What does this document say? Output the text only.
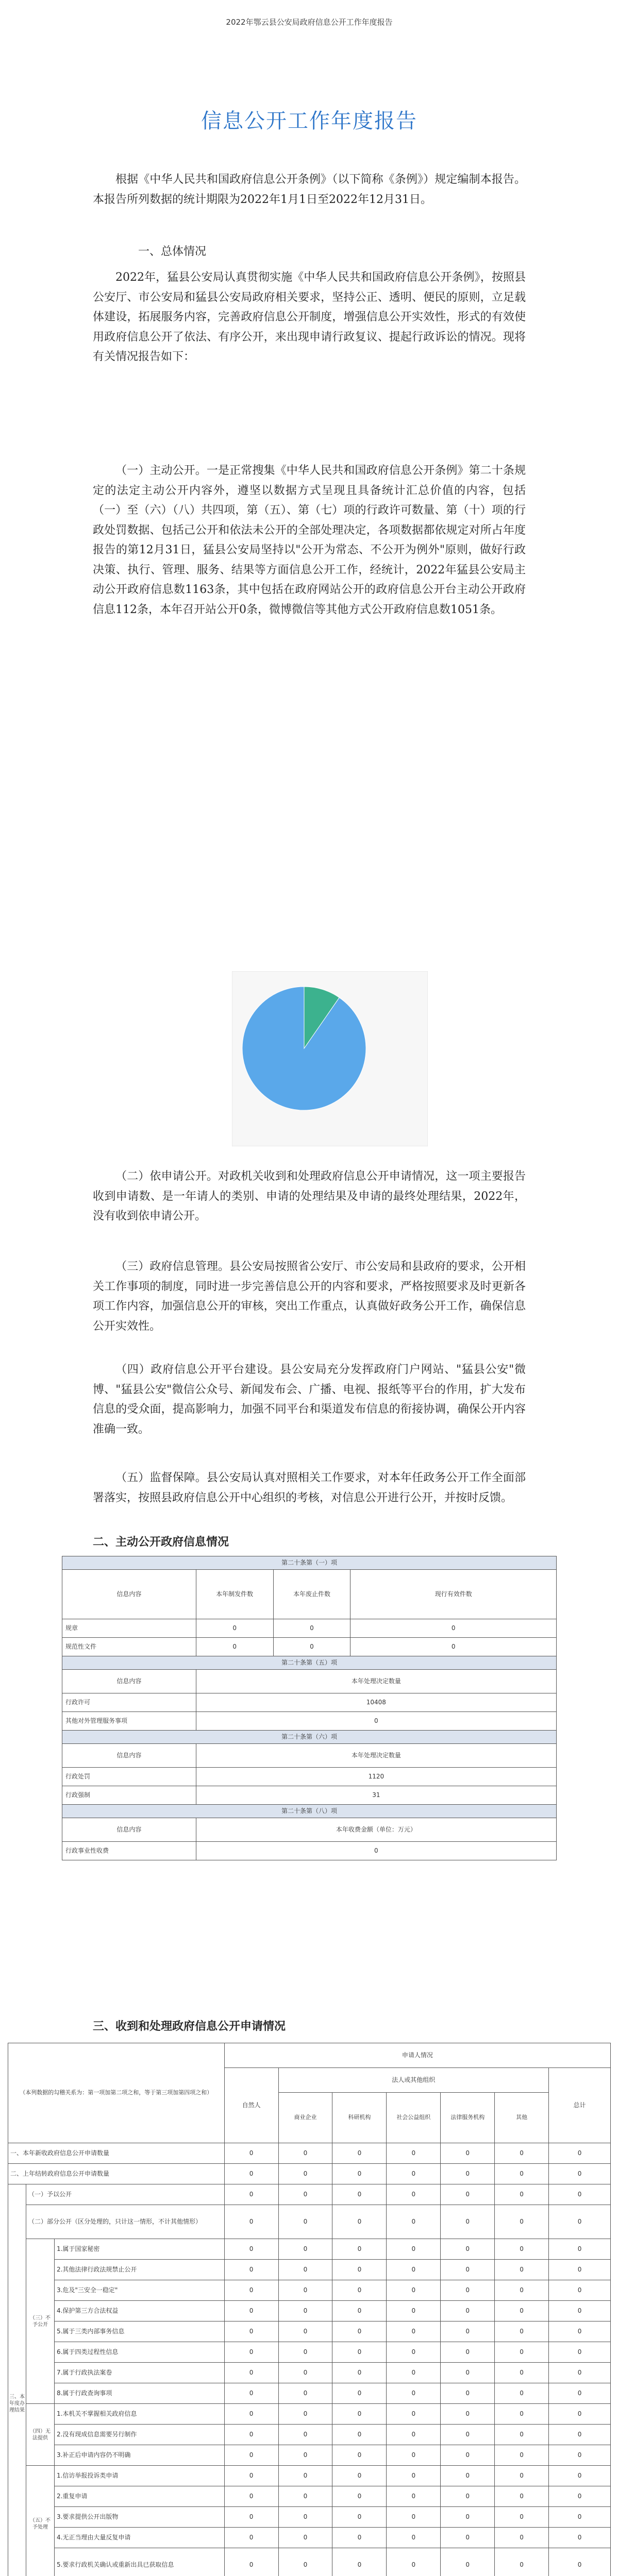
2022年鄂云县公安局政府信息公开工作年度报告
信息公开工作年度报告
根据《中华人民共和国政府信息公开条例》（以下简称《条例》）规定编制本报告。本报告所列数据的统计期限为2022年1月1日至2022年12月31日。
一、总体情况
2022年，猛县公安局认真贯彻实施《中华人民共和国政府信息公开条例》，按照县公安厅、市公安局和猛县公安局政府相关要求，坚持公正、透明、便民的原则，立足载体建设，拓展服务内容，完善政府信息公开制度，增强信息公开实效性，形式的有效使用政府信息公开了依法、有序公开，来出现申请行政复议、提起行政诉讼的情况。现将有关情况报告如下：
（一）主动公开。一是正常搜集《中华人民共和国政府信息公开条例》第二十条规定的法定主动公开内容外，遵坚以数据方式呈现且具备统计汇总价值的内容，包括（一）至（六）（八）共四项，第（五）、第（七）项的行政许可数量、第（十）项的行政处罚数据、包括己公开和依法未公开的全部处理决定，各项数据都依规定对所占年度报告的第12月31日，猛县公安局坚持以"公开为常态、不公开为例外"原则，做好行政决策、执行、管理、服务、结果等方面信息公开工作，经统计，2022年猛县公安局主动公开政府信息数1163条，其中包括在政府网站公开的政府信息公开台主动公开政府信息112条，本年召开站公开0条，微博微信等其他方式公开政府信息数1051条。
（二）依申请公开。对政机关收到和处理政府信息公开申请情况，这一项主要报告收到申请数、是一年请人的类别、申请的处理结果及申请的最终处理结果，2022年，没有收到依申请公开。
（三）政府信息管理。县公安局按照省公安厅、市公安局和县政府的要求，公开相关工作事项的制度，同时进一步完善信息公开的内容和要求，严格按照要求及时更新各项工作内容，加强信息公开的审核，突出工作重点，认真做好政务公开工作，确保信息公开实效性。
（四）政府信息公开平台建设。县公安局充分发挥政府门户网站、"猛县公安"微博、"猛县公安"微信公众号、新闻发布会、广播、电视、报纸等平台的作用，扩大发布信息的受众面，提高影响力，加强不同平台和渠道发布信息的衔接协调，确保公开内容准确一致。
（五）监督保障。县公安局认真对照相关工作要求，对本年任政务公开工作全面部署落实，按照县政府信息公开中心组织的考核，对信息公开进行公开，并按时反馈。
二、主动公开政府信息情况
第二十条第（一）项			
信息内容	本年制发件数	本年废止件数	现行有效件数
规章	0	0	0
规范性文件	0	0	0
第二十条第（五）项			
信息内容	本年处理决定数量		
行政许可	10408		
其他对外管理服务事项	0		
第二十条第（六）项			
信息内容	本年处理决定数量		
行政处罚	1120		
行政强制	31		
第二十条第（八）项			
信息内容	本年收费金额（单位：万元）		
行政事业性收费	0		
三、收到和处理政府信息公开申请情况
（本列数据的勾稽关系为：第一项加第二项之和，等于第三项加第四项之和）			申请人情况						
			自然人	法人或其他组织					总计
				商业企业	科研机构	社会公益组织	法律服务机构	其他	
一、本年新收政府信息公开申请数量			0	0	0	0	0	0	0
二、上年结转政府信息公开申请数量			0	0	0	0	0	0	0
三、本年度办理结果	（一）予以公开		0	0	0	0	0	0	0
	（二）部分公开（区分处理的，只计这一情形，不计其他情形）		0	0	0	0	0	0	0
	（三）不予公开	1.属于国家秘密	0	0	0	0	0	0	0
		2.其他法律行政法规禁止公开	0	0	0	0	0	0	0
		3.危及"三安全一稳定"	0	0	0	0	0	0	0
		4.保护第三方合法权益	0	0	0	0	0	0	0
		5.属于三类内部事务信息	0	0	0	0	0	0	0
		6.属于四类过程性信息	0	0	0	0	0	0	0
		7.属于行政执法案卷	0	0	0	0	0	0	0
		8.属于行政查询事项	0	0	0	0	0	0	0
	（四）无法提供	1.本机关不掌握相关政府信息	0	0	0	0	0	0	0
		2.没有现成信息需要另行制作	0	0	0	0	0	0	0
		3.补正后申请内容仍不明确	0	0	0	0	0	0	0
	（五）不予处理	1.信访举报投诉类申请	0	0	0	0	0	0	0
		2.重复申请	0	0	0	0	0	0	0
		3.要求提供公开出版物	0	0	0	0	0	0	0
		4.无正当理由大量反复申请	0	0	0	0	0	0	0
		5.要求行政机关确认或重新出具已获取信息	0	0	0	0	0	0	0
